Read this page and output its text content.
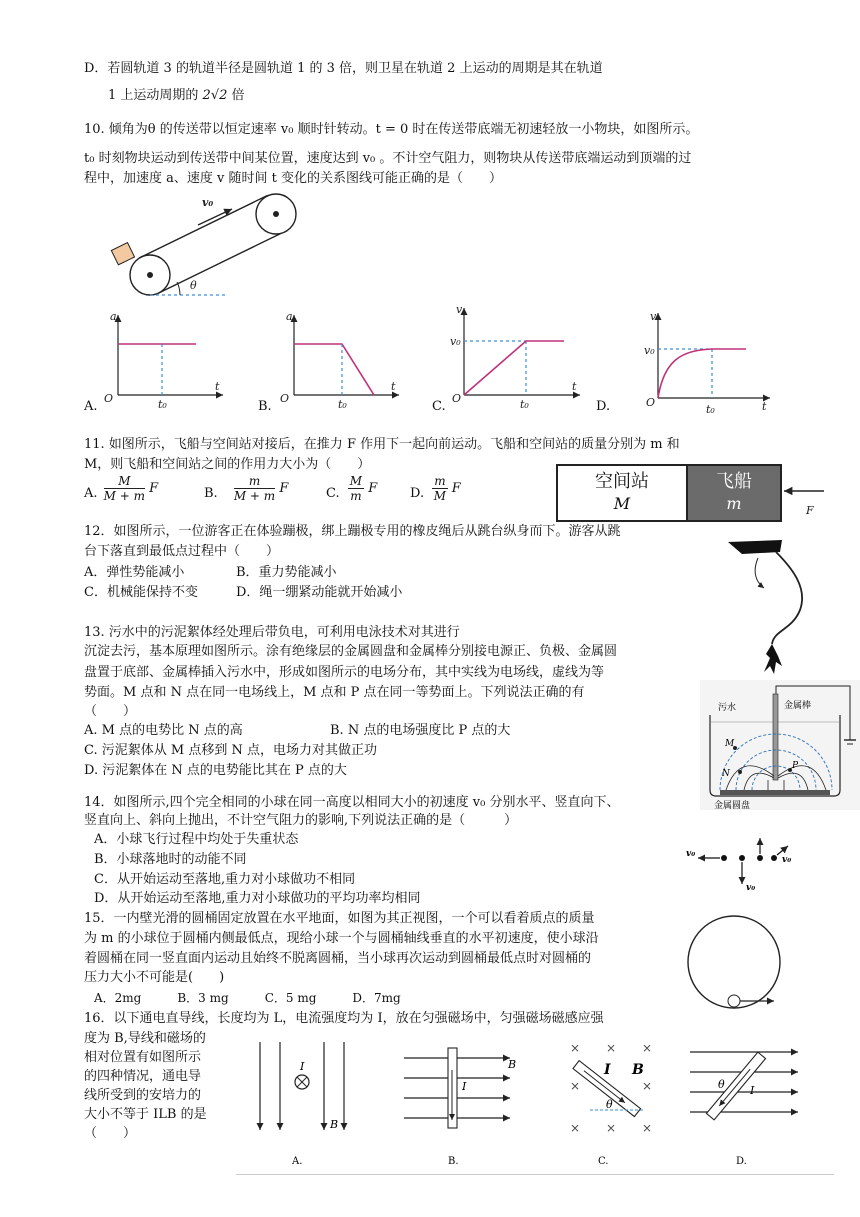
D．若圆轨道 3 的轨道半径是圆轨道 1 的 3 倍，则卫星在轨道 2 上运动的周期是其在轨道
1 上运动周期的 2√2 倍
10. 倾角为θ 的传送带以恒定速率 v₀ 顺时针转动。t = 0 时在传送带底端无初速轻放一小物块，如图所示。
t₀ 时刻物块运动到传送带中间某位置，速度达到 v₀ 。不计空气阻力，则物块从传送带底端运动到顶端的过
程中，加速度 a、速度 v 随时间 t 变化的关系图线可能正确的是（　　）
θ
v₀
a
t
O	t₀
A.
a
t
O	t₀
B.
v
t
O
v₀
t₀
C.
v
t
O
v₀
t₀
D.
11. 如图所示，飞船与空间站对接后，在推力 F 作用下一起向前运动。飞船和空间站的质量分别为 m 和
M，则飞船和空间站之间的作用力大小为（　　）
A. $\frac{M}{M + m}$ F	B. $\frac{m}{M + m}$ F	C. $\frac{M}{m}$ F	D. $\frac{m}{M}$ F	空间站
M
飞船
m	F
12．如图所示，一位游客正在体验蹦极，绑上蹦极专用的橡皮绳后从跳台纵身而下。游客从跳
台下落直到最低点过程中（　　）
A．弹性势能减小	B．重力势能减小
C．机械能保持不变	D．绳一绷紧动能就开始减小
13. 污水中的污泥絮体经处理后带负电，可利用电泳技术对其进行
沉淀去污，基本原理如图所示。涂有绝缘层的金属圆盘和金属棒分别接电源正、负极、金属圆
盘置于底部、金属棒插入污水中，形成如图所示的电场分布，其中实线为电场线，虚线为等
势面。M 点和 N 点在同一电场线上，M 点和 P 点在同一等势面上。下列说法正确的有
（　　）
A. M 点的电势比 N 点的高	B. N 点的电场强度比 P 点的大
C. 污泥絮体从 M 点移到 N 点，电场力对其做正功
D. 污泥絮体在 N 点的电势能比其在 P 点的大
M
N
P
污水	金属棒
金属圆盘
14．如图所示,四个完全相同的小球在同一高度以相同大小的初速度 v₀ 分别水平、竖直向下、
竖直向上、斜向上抛出，不计空气阻力的影响,下列说法正确的是（　　　）
A．小球飞行过程中均处于失重状态
B．小球落地时的动能不同
C．从开始运动至落地,重力对小球做功不相同
D．从开始运动至落地,重力对小球做功的平均功率均相同
v₀
v₀
v₀
15．一内壁光滑的圆桶固定放置在水平地面，如图为其正视图，一个可以看着质点的质量
为 m 的小球位于圆桶内侧最低点，现给小球一个与圆桶轴线垂直的水平初速度，使小球沿
着圆桶在同一竖直面内运动且始终不脱离圆桶，当小球再次运动到圆桶最低点时对圆桶的
压力大小不可能是(　　)
A．2mg　　　B．3 mg　　　C．5 mg　　　D．7mg
16．以下通电直导线，长度均为 L，电流强度均为 I，放在匀强磁场中，匀强磁场磁感应强
度为 B,导线和磁场的
相对位置有如图所示
的四种情况，通电导
线所受到的安培力的
大小不等于 ILB 的是
（　　）
I
B
A.
I
B
B.
× × ×
×	×
× × ×
θ
I B
C.
θ I
D.
